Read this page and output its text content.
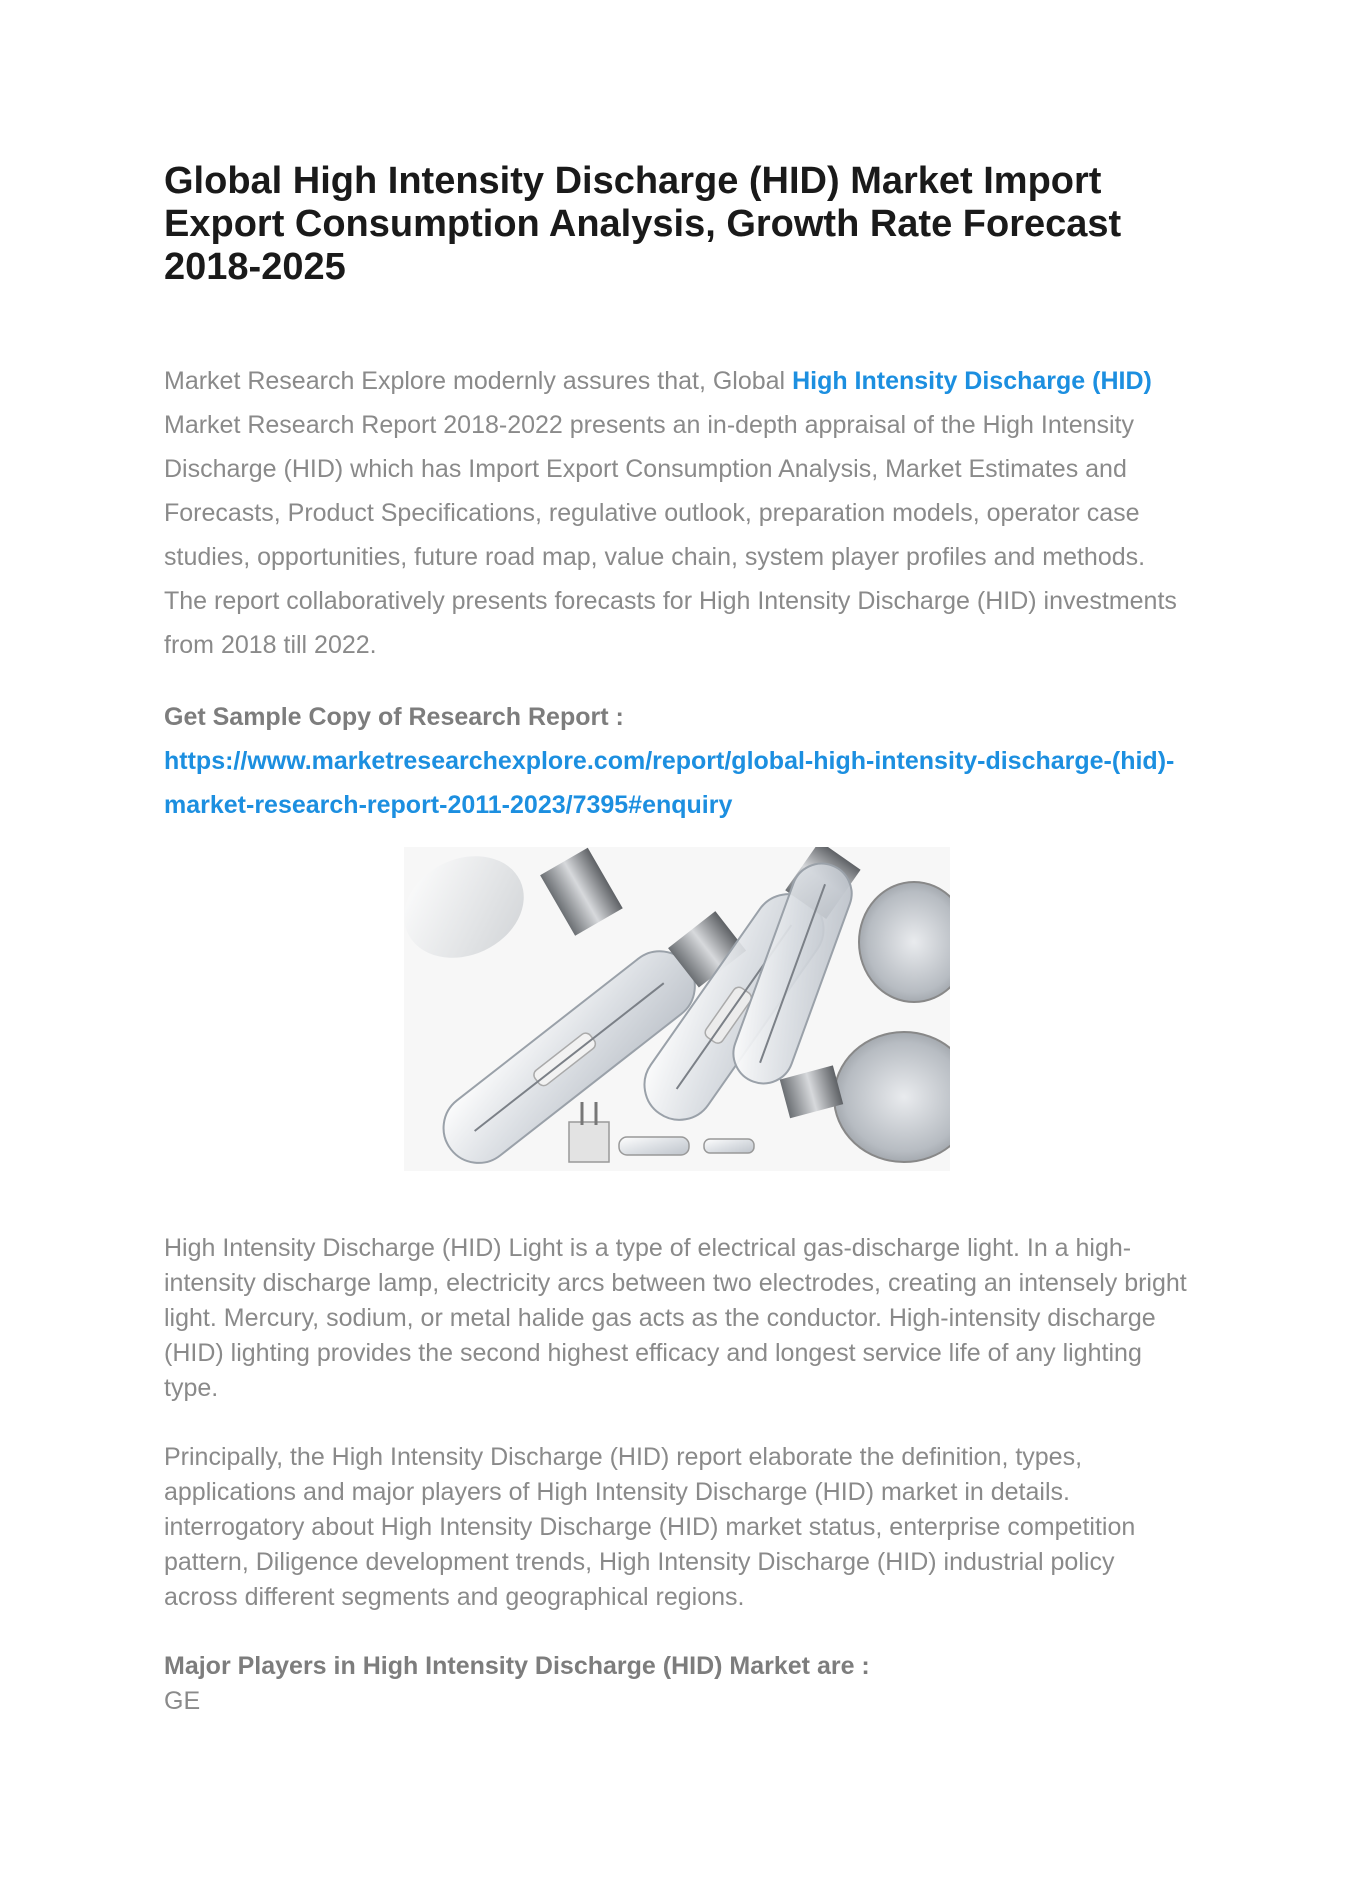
Global High Intensity Discharge (HID) Market Import Export Consumption Analysis, Growth Rate Forecast 2018-2025

Market Research Explore modernly assures that, Global High Intensity Discharge (HID) Market Research Report 2018-2022 presents an in-depth appraisal of the High Intensity Discharge (HID) which has Import Export Consumption Analysis, Market Estimates and Forecasts, Product Specifications, regulative outlook, preparation models, operator case studies, opportunities, future road map, value chain, system player profiles and methods. The report collaboratively presents forecasts for High Intensity Discharge (HID) investments from 2018 till 2022.

Get Sample Copy of Research Report :
https://www.marketresearchexplore.com/report/global-high-intensity-discharge-(hid)-market-research-report-2011-2023/7395#enquiry

High Intensity Discharge (HID) Light is a type of electrical gas-discharge light. In a high-intensity discharge lamp, electricity arcs between two electrodes, creating an intensely bright light. Mercury, sodium, or metal halide gas acts as the conductor. High-intensity discharge (HID) lighting provides the second highest efficacy and longest service life of any lighting type.

Principally, the High Intensity Discharge (HID) report elaborate the definition, types, applications and major players of High Intensity Discharge (HID) market in details. interrogatory about High Intensity Discharge (HID) market status, enterprise competition pattern, Diligence development trends, High Intensity Discharge (HID) industrial policy across different segments and geographical regions.

Major Players in High Intensity Discharge (HID) Market are :

GE
